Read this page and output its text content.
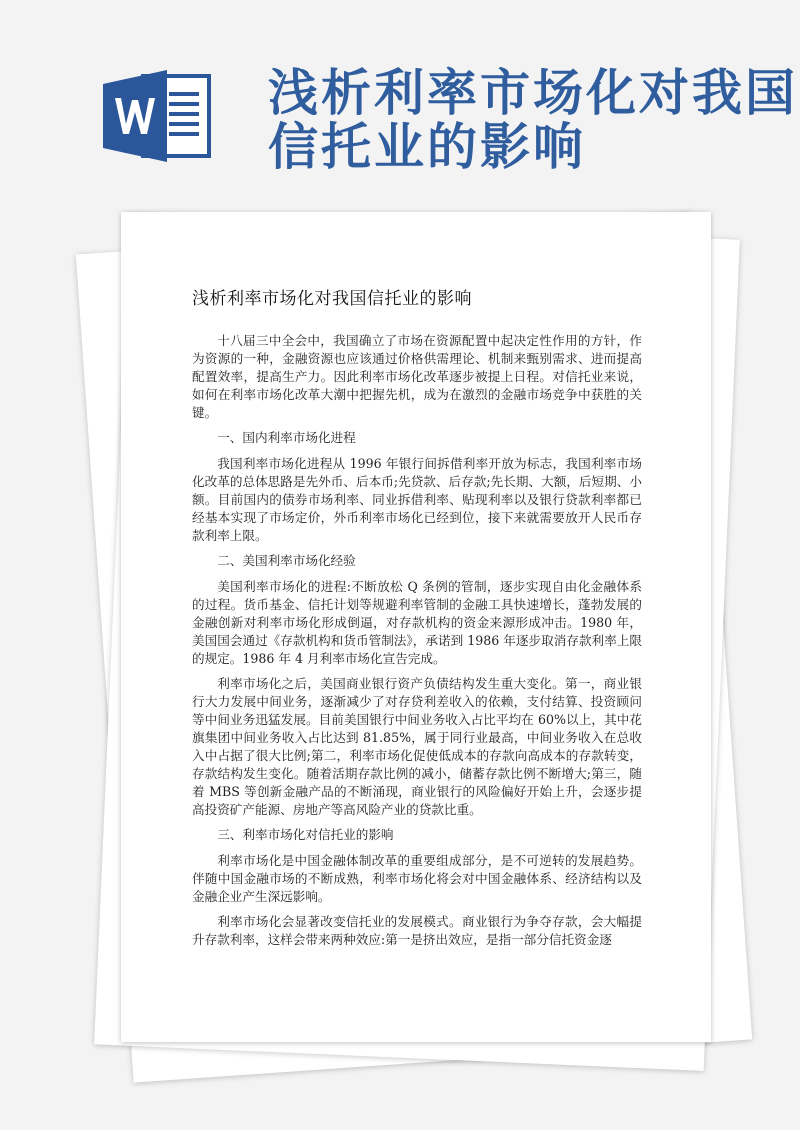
浅析利率市场化对我国
信托业的影响
浅析利率市场化对我国信托业的影响

十八届三中全会中，我国确立了市场在资源配置中起决定性作用的方针，作为资源的一种，金融资源也应该通过价格供需理论、机制来甄别需求、进而提高配置效率，提高生产力。因此利率市场化改革逐步被提上日程。对信托业来说，如何在利率市场化改革大潮中把握先机，成为在激烈的金融市场竞争中获胜的关键。

一、国内利率市场化进程

我国利率市场化进程从 1996 年银行间拆借利率开放为标志，我国利率市场化改革的总体思路是先外币、后本币;先贷款、后存款;先长期、大额，后短期、小额。目前国内的债券市场利率、同业拆借利率、贴现利率以及银行贷款利率都已经基本实现了市场定价，外币利率市场化已经到位，接下来就需要放开人民币存款利率上限。

二、美国利率市场化经验

美国利率市场化的进程:不断放松 Q 条例的管制，逐步实现自由化金融体系的过程。货币基金、信托计划等规避利率管制的金融工具快速增长，蓬勃发展的金融创新对利率市场化形成倒逼，对存款机构的资金来源形成冲击。1980 年，美国国会通过《存款机构和货币管制法》，承诺到 1986 年逐步取消存款利率上限的规定。1986 年 4 月利率市场化宣告完成。

利率市场化之后，美国商业银行资产负债结构发生重大变化。第一，商业银行大力发展中间业务，逐渐减少了对存贷利差收入的依赖，支付结算、投资顾问等中间业务迅猛发展。目前美国银行中间业务收入占比平均在 60%以上，其中花旗集团中间业务收入占比达到 81.85%，属于同行业最高，中间业务收入在总收入中占据了很大比例;第二，利率市场化促使低成本的存款向高成本的存款转变，存款结构发生变化。随着活期存款比例的减小，储蓄存款比例不断增大;第三，随着 MBS 等创新金融产品的不断涌现，商业银行的风险偏好开始上升，会逐步提高投资矿产能源、房地产等高风险产业的贷款比重。

三、利率市场化对信托业的影响

利率市场化是中国金融体制改革的重要组成部分，是不可逆转的发展趋势。伴随中国金融市场的不断成熟，利率市场化将会对中国金融体系、经济结构以及金融企业产生深远影响。

利率市场化会显著改变信托业的发展模式。商业银行为争夺存款，会大幅提升存款利率，这样会带来两种效应:第一是挤出效应，是指一部分信托资金逐
